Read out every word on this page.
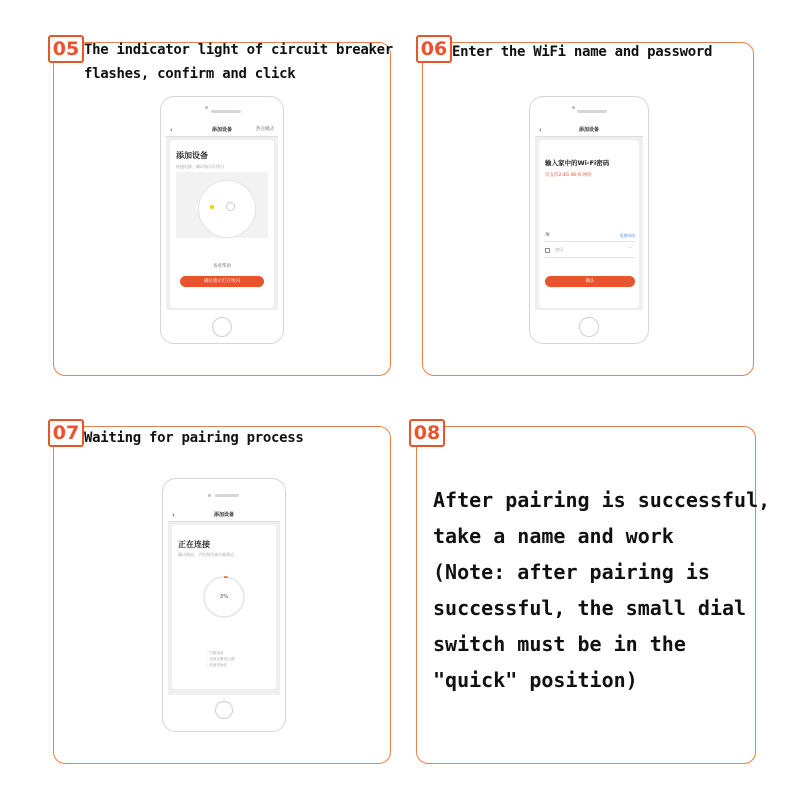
05 The indicator light of circuit breaker
flashes, confirm and click
‹	添加设备	热点模式
添加设备
接通电源，确认指示灯快闪
查看帮助
确认指示灯在快闪
06 Enter the WiFi name and password
‹	添加设备
输入家中的Wi-Fi密码
仅支持2.4G Wi-Fi 网络
≋	更换网络
密码	⋯
确认
07 Waiting for pairing process
‹	添加设备
正在连接
确认路由、手机和设备尽量靠近
3%
◦ 扫描设备
◦ 设备注册到云端
◦ 设备初始化
08
After pairing is successful,
take a name and work
(Note: after pairing is
successful, the small dial
switch must be in the
"quick" position)
